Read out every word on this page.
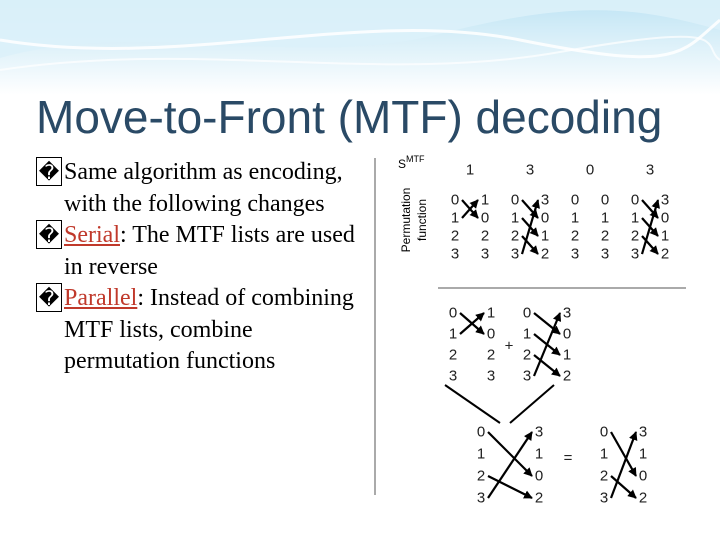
Move-to-Front (MTF) decoding
� Same algorithm as encoding, with the following changes
� Serial: The MTF lists are used in reverse
� Parallel: Instead of combining MTF lists, combine permutation functions
$S^{MTF}$
Permutation function
1	3	0	3
+
=
0
1
2
3
1
0
2
3
0
1
2
3
3
0
1
2
0
1
2
3
0
1
2
3
0
1
2
3
3
0
1
2
0
1
2
3
1
0
2
3
0
1
2
3
3
0
1
2
0
1
2
3
3
1
0
2
0
1
2
3
3
1
0
2
